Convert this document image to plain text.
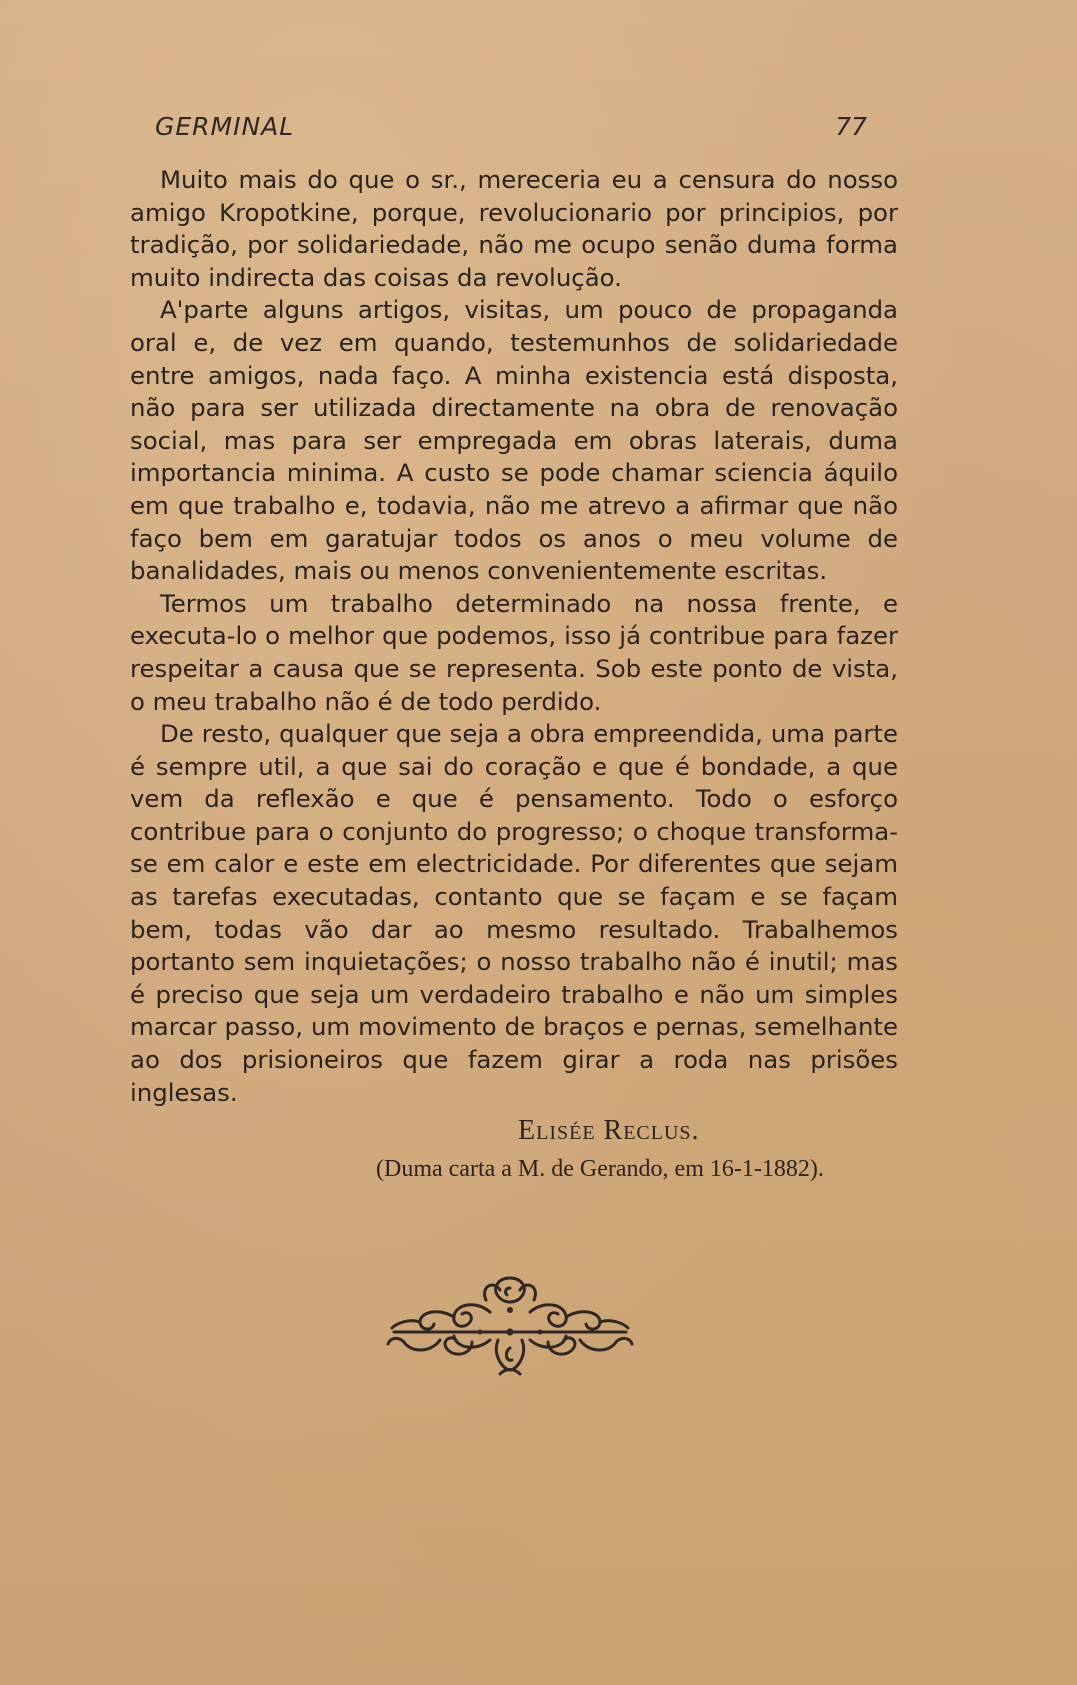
GERMINAL	77

Muito mais do que o sr., mereceria eu a censura do nosso amigo Kropotkine, porque, revolucionario por principios, por tradição, por solidariedade, não me ocupo senão duma forma muito indirecta das coisas da revolução.

A'parte alguns artigos, visitas, um pouco de propaganda oral e, de vez em quando, testemunhos de solidariedade entre amigos, nada faço. A minha existencia está disposta, não para ser utilizada directamente na obra de renovação social, mas para ser empregada em obras laterais, duma importancia minima. A custo se pode chamar sciencia áquilo em que trabalho e, todavia, não me atrevo a afirmar que não faço bem em garatujar todos os anos o meu volume de banalidades, mais ou menos convenientemente escritas.

Termos um trabalho determinado na nossa frente, e executa-lo o melhor que podemos, isso já contribue para fazer respeitar a causa que se representa. Sob este ponto de vista, o meu trabalho não é de todo perdido.

De resto, qualquer que seja a obra empreendida, uma parte é sempre util, a que sai do coração e que é bondade, a que vem da reflexão e que é pensamento. Todo o esforço contribue para o conjunto do progresso; o choque transforma-se em calor e este em electricidade. Por diferentes que sejam as tarefas executadas, contanto que se façam e se façam bem, todas vão dar ao mesmo resultado. Trabalhemos portanto sem inquietações; o nosso trabalho não é inutil; mas é preciso que seja um verdadeiro trabalho e não um simples marcar passo, um movimento de braços e pernas, semelhante ao dos prisioneiros que fazem girar a roda nas prisões inglesas.

Elisée Reclus.
(Duma carta a M. de Gerando, em 16-1-1882).
